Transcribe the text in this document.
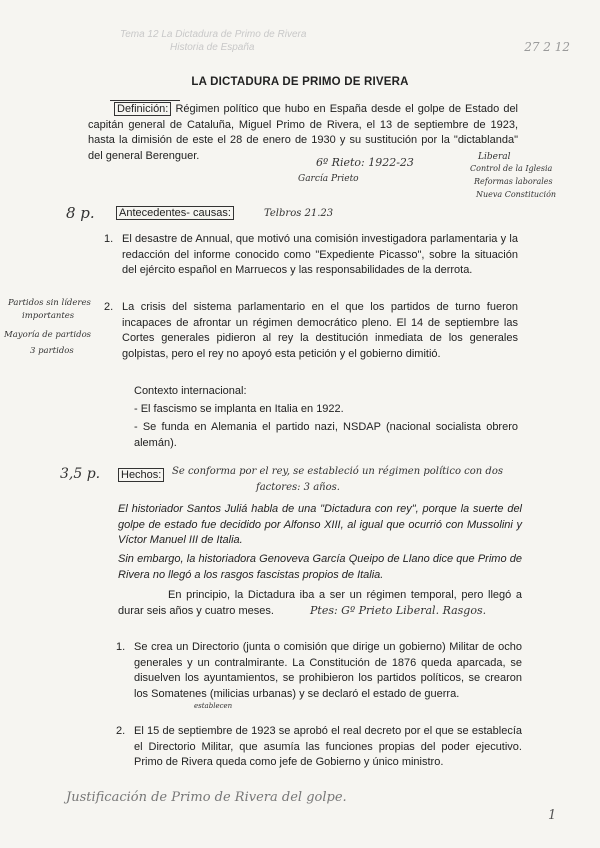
Tema 12 La Dictadura de Primo de Rivera
Historia de España	27 2 12
LA DICTADURA DE PRIMO DE RIVERA
Definición: Régimen político que hubo en España desde el golpe de Estado del capitán general de Cataluña, Miguel Primo de Rivera, el 13 de septiembre de 1923, hasta la dimisión de este el 28 de enero de 1930 y su sustitución por la "dictablanda" del general Berenguer.
6º Rieto: 1922-23
García Prieto
Liberal
Control de la Iglesia
Reformas laborales
Nueva Constitución
8 p. Antecedentes- causas:	Telbros 21.23
1. El desastre de Annual, que motivó una comisión investigadora parlamentaria y la redacción del informe conocido como "Expediente Picasso", sobre la situación del ejército español en Marruecos y las responsabilidades de la derrota.
2. La crisis del sistema parlamentario en el que los partidos de turno fueron incapaces de afrontar un régimen democrático pleno. El 14 de septiembre las Cortes generales pidieron al rey la destitución inmediata de los generales golpistas, pero el rey no apoyó esta petición y el gobierno dimitió.
Partidos sin líderes
importantes
Mayoría de partidos
3 partidos
Contexto internacional:
- El fascismo se implanta en Italia en 1922.
- Se funda en Alemania el partido nazi, NSDAP (nacional socialista obrero alemán).
3,5 p. Hechos:	Se conforma por el rey, se estableció un régimen político con dos
factores: 3 años.
El historiador Santos Juliá habla de una "Dictadura con rey", porque la suerte del golpe de estado fue decidido por Alfonso XIII, al igual que ocurrió con Mussolini y Víctor Manuel III de Italia.
Sin embargo, la historiadora Genoveva García Queipo de Llano dice que Primo de Rivera no llegó a los rasgos fascistas propios de Italia.
En principio, la Dictadura iba a ser un régimen temporal, pero llegó a durar seis años y cuatro meses.	Ptes: Gº Prieto Liberal. Rasgos.
1. Se crea un Directorio (junta o comisión que dirige un gobierno) Militar de ocho generales y un contralmirante. La Constitución de 1876 queda aparcada, se disuelven los ayuntamientos, se prohibieron los partidos políticos, se crearon los Somatenes (milicias urbanas) y se declaró el estado de guerra.
establecen
2. El 15 de septiembre de 1923 se aprobó el real decreto por el que se establecía el Directorio Militar, que asumía las funciones propias del poder ejecutivo. Primo de Rivera queda como jefe de Gobierno y único ministro.
Justificación de Primo de Rivera del golpe.
1
